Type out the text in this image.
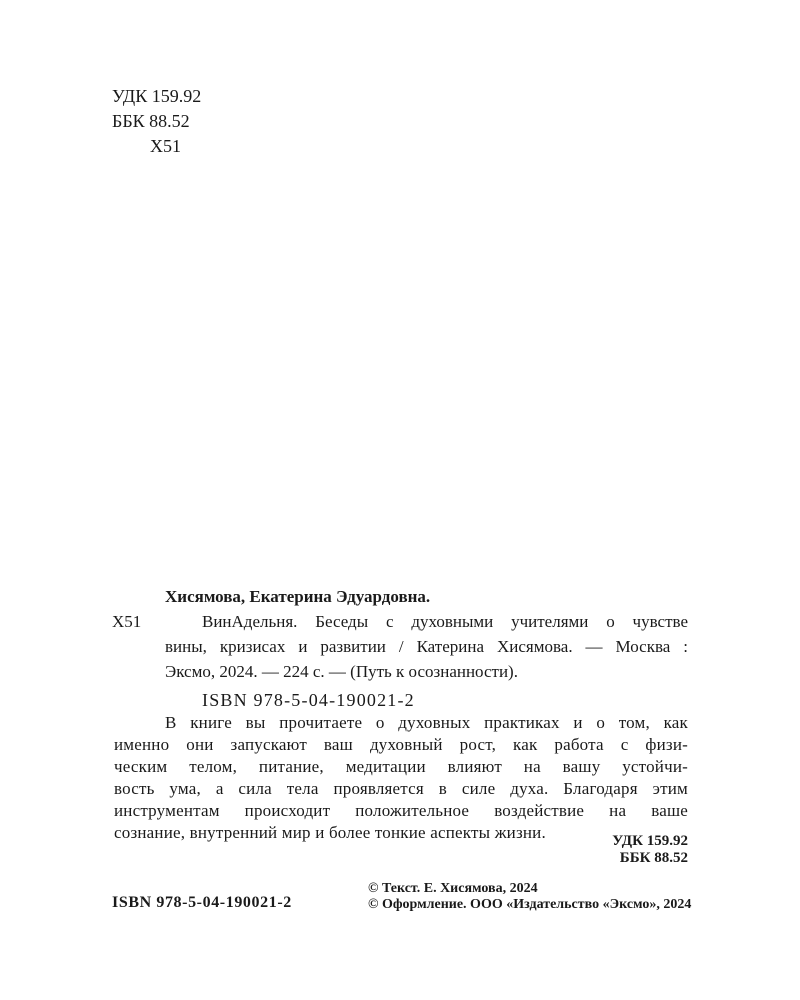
УДК 159.92
ББК 88.52
Х51
Х51
Хисямова, Екатерина Эдуардовна.
ВинАдельня. Беседы с духовными учителями о чувстве
вины, кризисах и развитии / Катерина Хисямова. — Москва :
Эксмо, 2024. — 224 с. — (Путь к осознанности).
ISBN 978-5-04-190021-2
В книге вы прочитаете о духовных практиках и о том, как
именно они запускают ваш духовный рост, как работа с физи-
ческим телом, питание, медитации влияют на вашу устойчи-
вость ума, а сила тела проявляется в силе духа. Благодаря этим
инструментам происходит положительное воздействие на ваше
сознание, внутренний мир и более тонкие аспекты жизни.	УДК 159.92
ББК 88.52
ISBN 978-5-04-190021-2
© Текст. Е. Хисямова, 2024
© Оформление. ООО «Издательство «Эксмо», 2024
